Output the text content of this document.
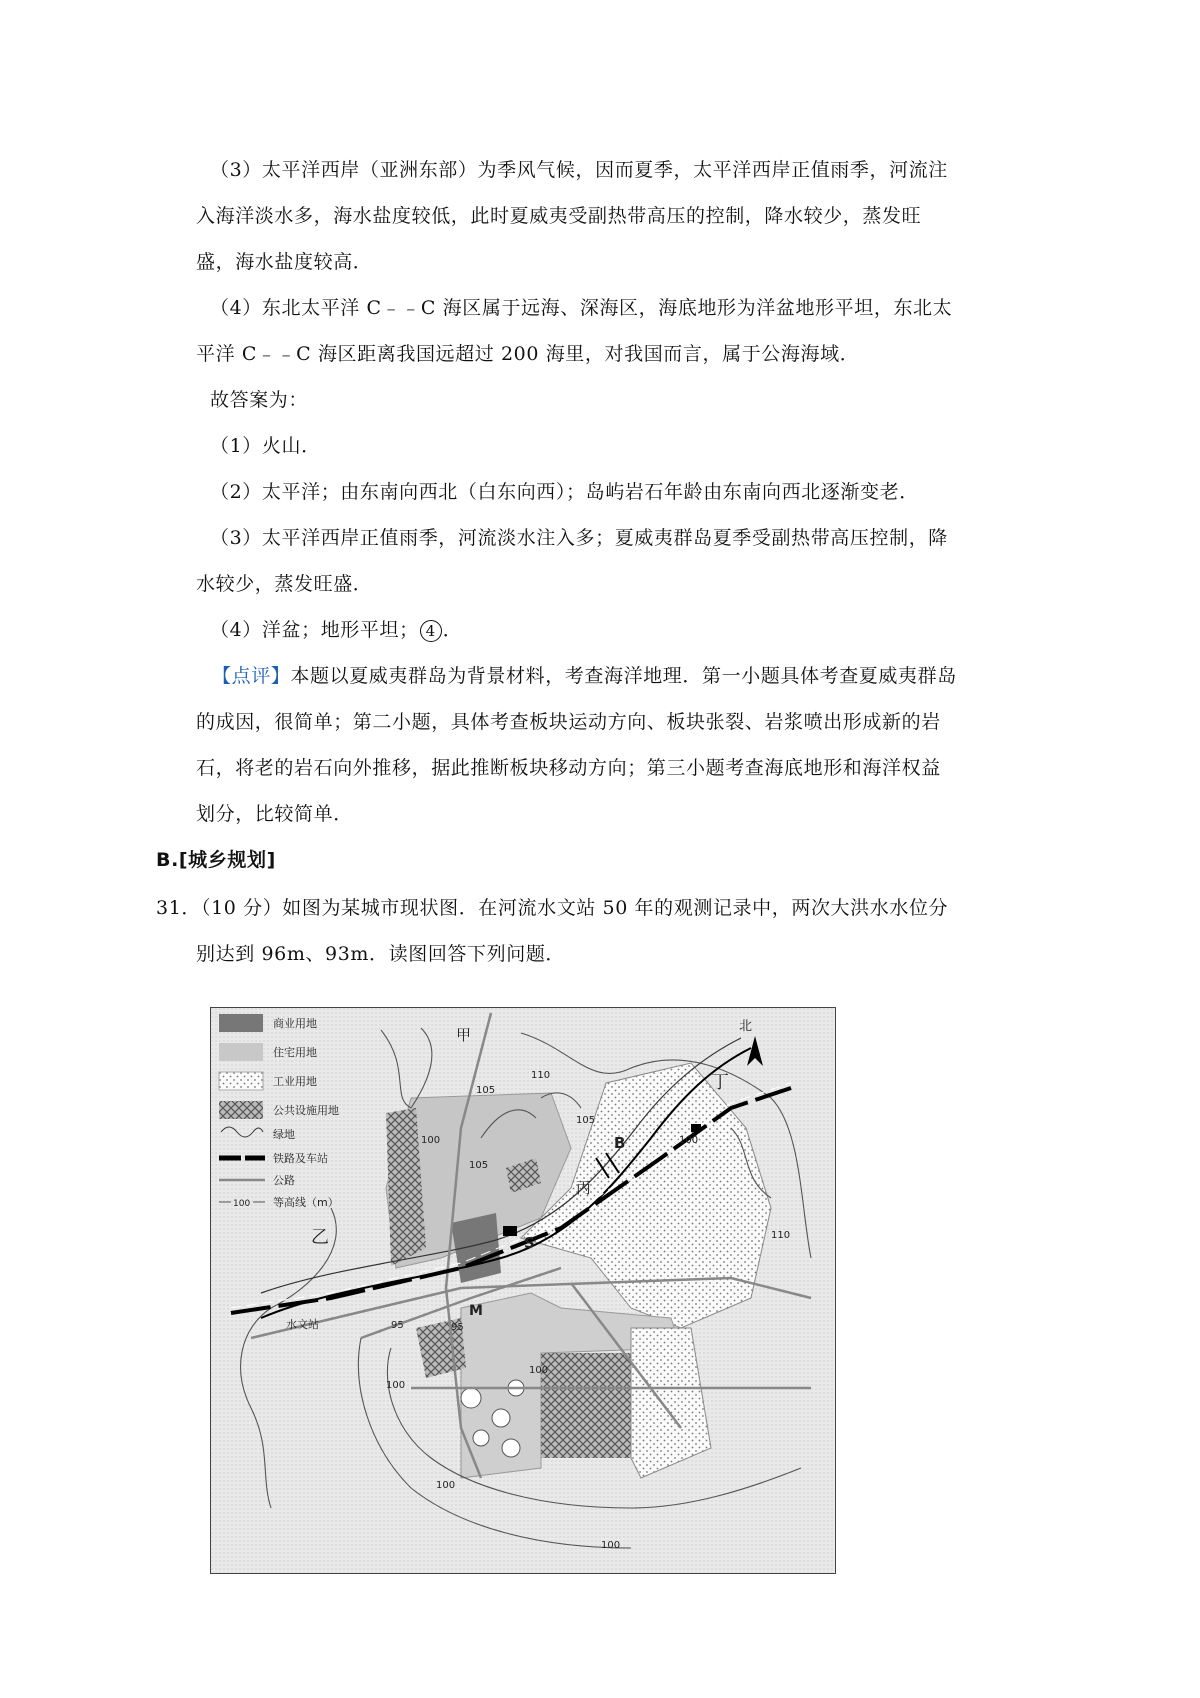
（3）太平洋西岸（亚洲东部）为季风气候，因而夏季，太平洋西岸正值雨季，河流注
入海洋淡水多，海水盐度较低，此时夏威夷受副热带高压的控制，降水较少，蒸发旺
盛，海水盐度较高．
（4）东北太平洋 C﹣﹣C 海区属于远海、深海区，海底地形为洋盆地形平坦，东北太
平洋 C﹣﹣C 海区距离我国远超过 200 海里，对我国而言，属于公海海域．
故答案为：
（1）火山．
（2）太平洋；由东南向西北（白东向西）；岛屿岩石年龄由东南向西北逐渐变老．
（3）太平洋西岸正值雨季，河流淡水注入多；夏威夷群岛夏季受副热带高压控制，降
水较少，蒸发旺盛．
（4）洋盆；地形平坦； 4 ．
【点评】本题以夏威夷群岛为背景材料，考查海洋地理．第一小题具体考查夏威夷群岛
的成因，很简单；第二小题，具体考查板块运动方向、板块张裂、岩浆喷出形成新的岩
石，将老的岩石向外推移，据此推断板块移动方向；第三小题考查海底地形和海洋权益
划分，比较简单．
B.[城乡规划]
31．（10 分）如图为某城市现状图．在河流水文站 50 年的观测记录中，两次大洪水水位分
别达到 96m、93m．读图回答下列问题．
商业用地
住宅用地
工业用地
公共设施用地
绿地
铁路及车站
公路
100 等高线（m）
北
甲
乙
丙
丁
B
S
M
水文站
105
110
105
100
105
100
110
95	95
100
100
100
100
